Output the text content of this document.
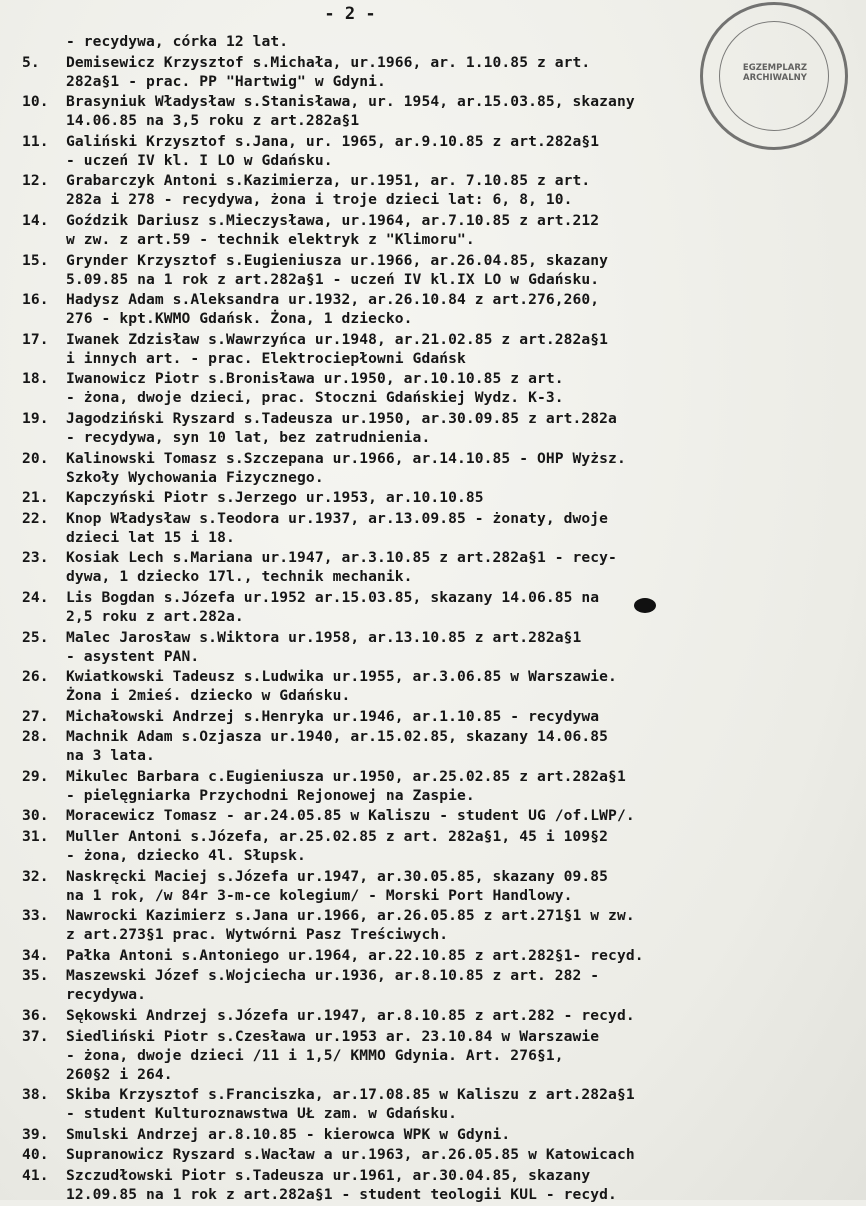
- 2 -
EGZEMPLARZ
ARCHIWALNY
- recydywa, córka 12 lat.
5.	Demisewicz Krzysztof s.Michała, ur.1966, ar. 1.10.85 z art.
282a§1 - prac. PP "Hartwig" w Gdyni.
10.	Brasyniuk Władysław s.Stanisława, ur. 1954, ar.15.03.85, skazany
14.06.85 na 3,5 roku z art.282a§1
11.	Galiński Krzysztof s.Jana, ur. 1965, ar.9.10.85 z art.282a§1
- uczeń IV kl. I LO w Gdańsku.
12.	Grabarczyk Antoni s.Kazimierza, ur.1951, ar. 7.10.85 z art.
282a i 278 - recydywa, żona i troje dzieci lat: 6, 8, 10.
14.	Goździk Dariusz s.Mieczysława, ur.1964, ar.7.10.85 z art.212
w zw. z art.59 - technik elektryk z "Klimoru".
15.	Grynder Krzysztof s.Eugieniusza ur.1966, ar.26.04.85, skazany
5.09.85 na 1 rok z art.282a§1 - uczeń IV kl.IX LO w Gdańsku.
16.	Hadysz Adam s.Aleksandra ur.1932, ar.26.10.84 z art.276,260,
276 - kpt.KWMO Gdańsk. Żona, 1 dziecko.
17.	Iwanek Zdzisław s.Wawrzyńca ur.1948, ar.21.02.85 z art.282a§1
i innych art. - prac. Elektrociepłowni Gdańsk
18.	Iwanowicz Piotr s.Bronisława ur.1950, ar.10.10.85 z art.
- żona, dwoje dzieci, prac. Stoczni Gdańskiej Wydz. K-3.
19.	Jagodziński Ryszard s.Tadeusza ur.1950, ar.30.09.85 z art.282a
- recydywa, syn 10 lat, bez zatrudnienia.
20.	Kalinowski Tomasz s.Szczepana ur.1966, ar.14.10.85 - OHP Wyższ.
Szkoły Wychowania Fizycznego.
21.	Kapczyński Piotr s.Jerzego ur.1953, ar.10.10.85
22.	Knop Władysław s.Teodora ur.1937, ar.13.09.85 - żonaty, dwoje
dzieci lat 15 i 18.
23.	Kosiak Lech s.Mariana ur.1947, ar.3.10.85 z art.282a§1 - recy-
dywa, 1 dziecko 17l., technik mechanik.
24.	Lis Bogdan s.Józefa ur.1952 ar.15.03.85, skazany 14.06.85 na
2,5 roku z art.282a.
25.	Malec Jarosław s.Wiktora ur.1958, ar.13.10.85 z art.282a§1
- asystent PAN.
26.	Kwiatkowski Tadeusz s.Ludwika ur.1955, ar.3.06.85 w Warszawie.
Żona i 2mieś. dziecko w Gdańsku.
27.	Michałowski Andrzej s.Henryka ur.1946, ar.1.10.85 - recydywa
28.	Machnik Adam s.Ozjasza ur.1940, ar.15.02.85, skazany 14.06.85
na 3 lata.
29.	Mikulec Barbara c.Eugieniusza ur.1950, ar.25.02.85 z art.282a§1
- pielęgniarka Przychodni Rejonowej na Zaspie.
30.	Moracewicz Tomasz - ar.24.05.85 w Kaliszu - student UG /of.LWP/.
31.	Muller Antoni s.Józefa, ar.25.02.85 z art. 282a§1, 45 i 109§2
- żona, dziecko 4l. Słupsk.
32.	Naskręcki Maciej s.Józefa ur.1947, ar.30.05.85, skazany 09.85
na 1 rok, /w 84r 3-m-ce kolegium/ - Morski Port Handlowy.
33.	Nawrocki Kazimierz s.Jana ur.1966, ar.26.05.85 z art.271§1 w zw.
z art.273§1 prac. Wytwórni Pasz Treściwych.
34.	Pałka Antoni s.Antoniego ur.1964, ar.22.10.85 z art.282§1- recyd.
35.	Maszewski Józef s.Wojciecha ur.1936, ar.8.10.85 z art. 282 -
recydywa.
36.	Sękowski Andrzej s.Józefa ur.1947, ar.8.10.85 z art.282 - recyd.
37.	Siedliński Piotr s.Czesława ur.1953 ar. 23.10.84 w Warszawie
- żona, dwoje dzieci /11 i 1,5/ KMMO Gdynia. Art. 276§1,
260§2 i 264.
38.	Skiba Krzysztof s.Franciszka, ar.17.08.85 w Kaliszu z art.282a§1
- student Kulturoznawstwa UŁ zam. w Gdańsku.
39.	Smulski Andrzej ar.8.10.85 - kierowca WPK w Gdyni.
40.	Supranowicz Ryszard s.Wacław a ur.1963, ar.26.05.85 w Katowicach
41.	Szczudłowski Piotr s.Tadeusza ur.1961, ar.30.04.85, skazany
12.09.85 na 1 rok z art.282a§1 - student teologii KUL - recyd.
